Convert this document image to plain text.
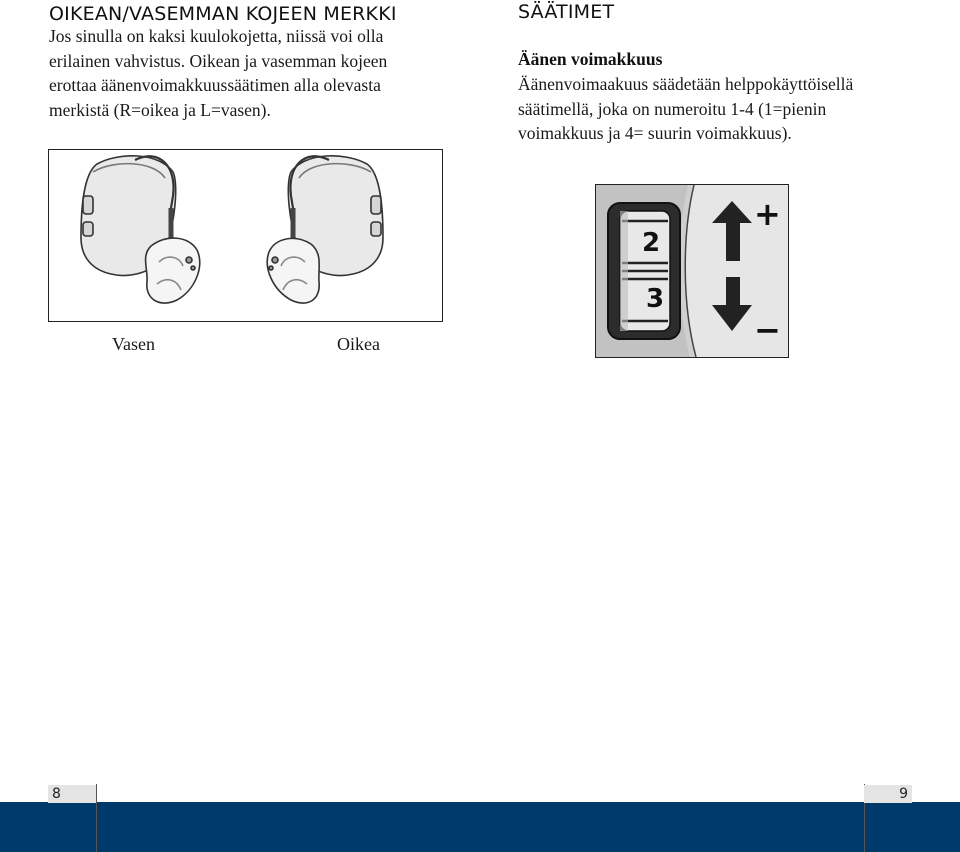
OIKEAN/VASEMMAN KOJEEN MERKKI
Jos sinulla on kaksi kuulokojetta, niissä voi olla
erilainen vahvistus. Oikean ja vasemman kojeen
erottaa äänenvoimakkuussäätimen alla olevasta
merkistä (R=oikea ja L=vasen).
Vasen	Oikea
SÄÄTIMET
Äänen voimakkuus
Äänenvoimaakuus säädetään helppokäyttöisellä
säätimellä, joka on numeroitu 1-4 (1=pienin
voimakkuus ja 4= suurin voimakkuus).
2
3
+
−
8	9
